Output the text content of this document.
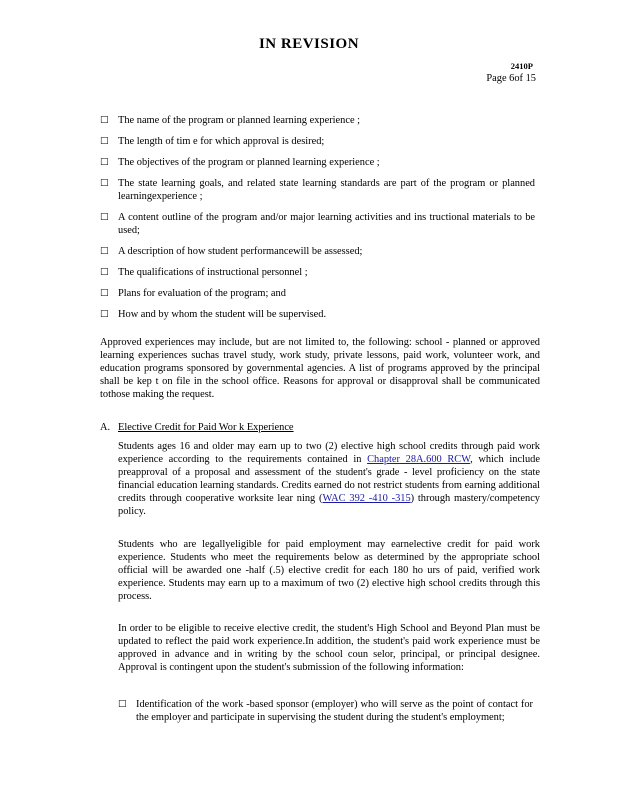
IN REVISION
2410P
Page 6of 15
□ The name of the program or planned learning experience ;
□ The length of tim e for which approval is desired;
□ The objectives of the program or planned learning experience ;
□ The state learning goals, and related state learning standards are part of the program or planned learningexperience ;
□ A content outline of the program and/or major learning activities and ins tructional materials to be used;
□ A description of how student performancewill be assessed;
□ The qualifications of instructional personnel ;
□ Plans for evaluation of the program; and
□ How and by whom the student will be supervised.
Approved experiences may include, but are not limited to, the following: school - planned or approved learning experiences suchas travel study, work study, private lessons, paid work, volunteer work, and education programs sponsored by governmental agencies. A list of programs approved by the principal shall be kep t on file in the school office. Reasons for approval or disapproval shall be communicated tothose making the request.
A. Elective Credit for Paid Wor k Experience
Students ages 16 and older may earn up to two (2) elective high school credits through paid work experience according to the requirements contained in Chapter 28A.600 RCW, which include preapproval of a proposal and assessment of the student's grade - level proficiency on the state financial education learning standards. Credits earned do not restrict students from earning additional credits through cooperative worksite lear ning (WAC 392 -410 -315) through mastery/competency policy.
Students who are legallyeligible for paid employment may earnelective credit for paid work experience. Students who meet the requirements below as determined by the appropriate school official will be awarded one -half (.5) elective credit for each 180 ho urs of paid, verified work experience. Students may earn up to a maximum of two (2) elective high school credits through this process.
In order to be eligible to receive elective credit, the student's High School and Beyond Plan must be updated to reflect the paid work experience.In addition, the student's paid work experience must be approved in advance and in writing by the school coun selor, principal, or principal designee. Approval is contingent upon the student's submission of the following information:
□ Identification of the work -based sponsor (employer) who will serve as the point of contact for the employer and participate in supervising the student during the student's employment;
